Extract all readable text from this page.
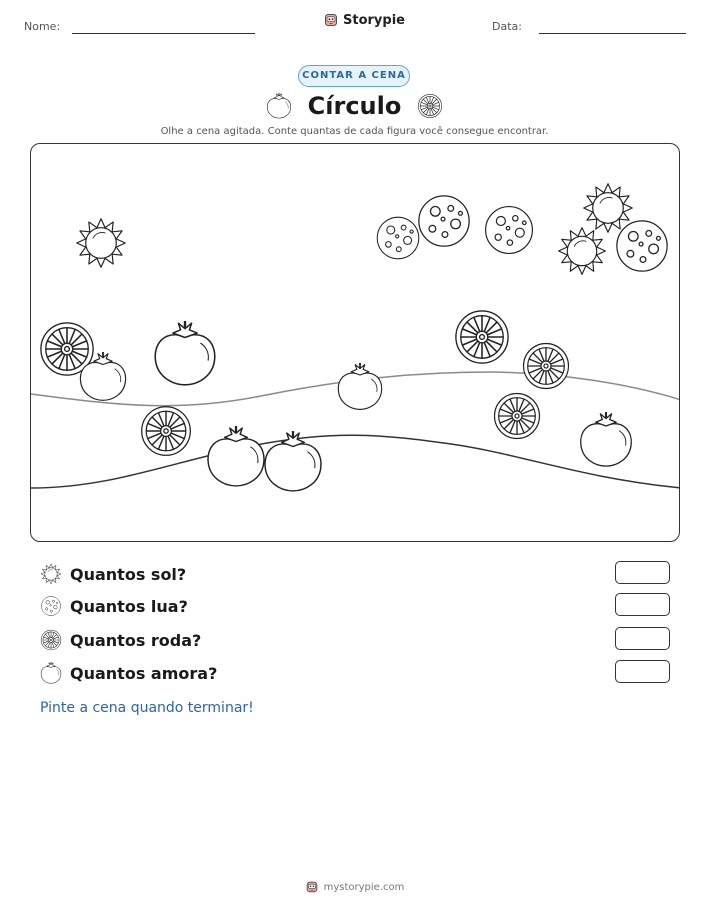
Nome:	Storypie	Data:
CONTAR A CENA
Círculo
Olhe a cena agitada. Conte quantas de cada figura você consegue encontrar.
Quantos sol?
Quantos lua?
Quantos roda?
Quantos amora?
Pinte a cena quando terminar!
mystorypie.com
